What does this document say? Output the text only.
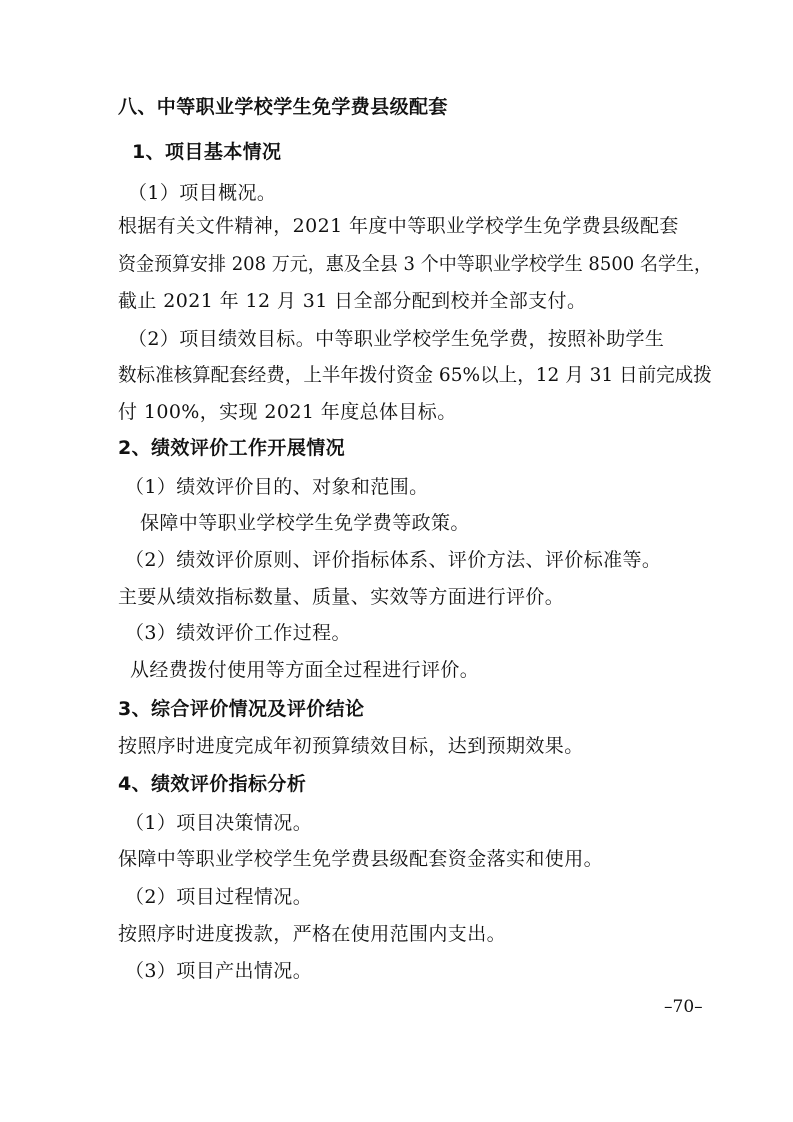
八、中等职业学校学生免学费县级配套
1、项目基本情况
（1）项目概况。
根据有关文件精神，2021 年度中等职业学校学生免学费县级配套
资金预算安排 208 万元，惠及全县 3 个中等职业学校学生 8500 名学生，
截止 2021 年 12 月 31 日全部分配到校并全部支付。
（2）项目绩效目标。中等职业学校学生免学费，按照补助学生
数标准核算配套经费，上半年拨付资金 65%以上，12 月 31 日前完成拨
付 100%，实现 2021 年度总体目标。
2、绩效评价工作开展情况
（1）绩效评价目的、对象和范围。
保障中等职业学校学生免学费等政策。
（2）绩效评价原则、评价指标体系、评价方法、评价标准等。
主要从绩效指标数量、质量、实效等方面进行评价。
（3）绩效评价工作过程。
从经费拨付使用等方面全过程进行评价。
3、综合评价情况及评价结论
按照序时进度完成年初预算绩效目标，达到预期效果。
4、绩效评价指标分析
（1）项目决策情况。
保障中等职业学校学生免学费县级配套资金落实和使用。
（2）项目过程情况。
按照序时进度拨款，严格在使用范围内支出。
（3）项目产出情况。
–70–
